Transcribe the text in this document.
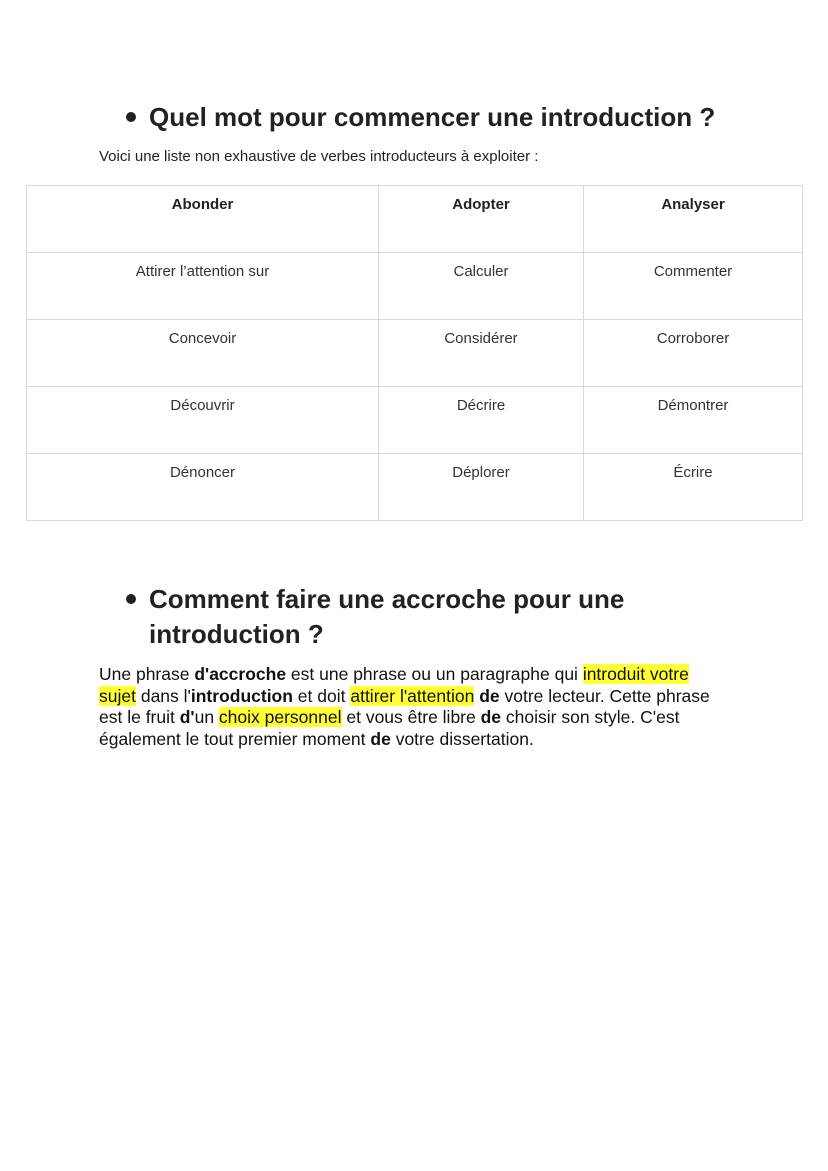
Quel mot pour commencer une introduction ?

Voici une liste non exhaustive de verbes introducteurs à exploiter :

Abonder	Adopter	Analyser
Attirer l’attention sur	Calculer	Commenter
Concevoir	Considérer	Corroborer
Découvrir	Décrire	Démontrer
Dénoncer	Déplorer	Écrire
Comment faire une accroche pour une introduction ?

Une phrase d'accroche est une phrase ou un paragraphe qui introduit votre sujet dans l'introduction et doit attirer l'attention de votre lecteur. Cette phrase est le fruit d'un choix personnel et vous être libre de choisir son style. C'est également le tout premier moment de votre dissertation.
